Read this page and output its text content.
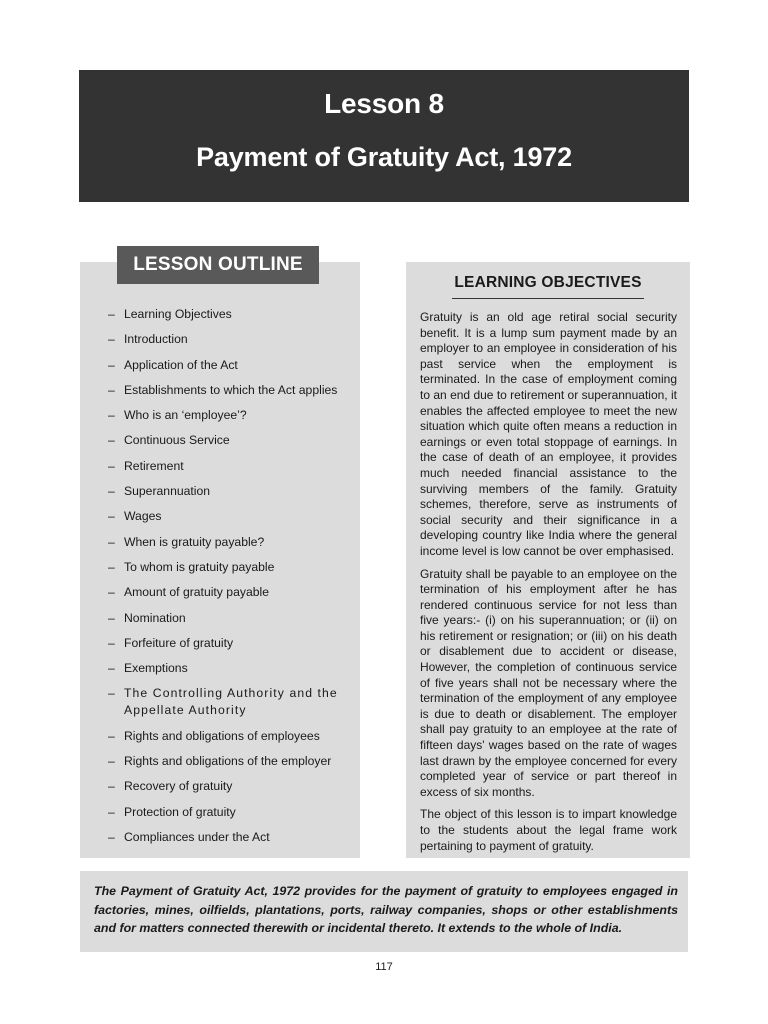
Lesson 8
Payment of Gratuity Act, 1972
LESSON OUTLINE
– Learning Objectives
– Introduction
– Application of the Act
– Establishments to which the Act applies
– Who is an ‘employee’?
– Continuous Service
– Retirement
– Superannuation
– Wages
– When is gratuity payable?
– To whom is gratuity payable
– Amount of gratuity payable
– Nomination
– Forfeiture of gratuity
– Exemptions
– The Controlling Authority and the Appellate Authority
– Rights and obligations of employees
– Rights and obligations of the employer
– Recovery of gratuity
– Protection of gratuity
– Compliances under the Act
LEARNING OBJECTIVES

Gratuity is an old age retiral social security benefit. It is a lump sum payment made by an employer to an employee in consideration of his past service when the employment is terminated. In the case of employment coming to an end due to retirement or superannuation, it enables the affected employee to meet the new situation which quite often means a reduction in earnings or even total stoppage of earnings. In the case of death of an employee, it provides much needed financial assistance to the surviving members of the family. Gratuity schemes, therefore, serve as instruments of social security and their significance in a developing country like India where the general income level is low cannot be over emphasised.

Gratuity shall be payable to an employee on the termination of his employment after he has rendered continuous service for not less than five years:- (i) on his superannuation; or (ii) on his retirement or resignation; or (iii) on his death or disablement due to accident or disease, However, the completion of continuous service of five years shall not be necessary where the termination of the employment of any employee is due to death or disablement. The employer shall pay gratuity to an employee at the rate of fifteen days' wages based on the rate of wages last drawn by the employee concerned for every completed year of service or part thereof in excess of six months.

The object of this lesson is to impart knowledge to the students about the legal frame work pertaining to payment of gratuity.

The Payment of Gratuity Act, 1972 provides for the payment of gratuity to employees engaged in factories, mines, oilfields, plantations, ports, railway companies, shops or other establishments and for matters connected therewith or incidental thereto. It extends to the whole of India.
117
